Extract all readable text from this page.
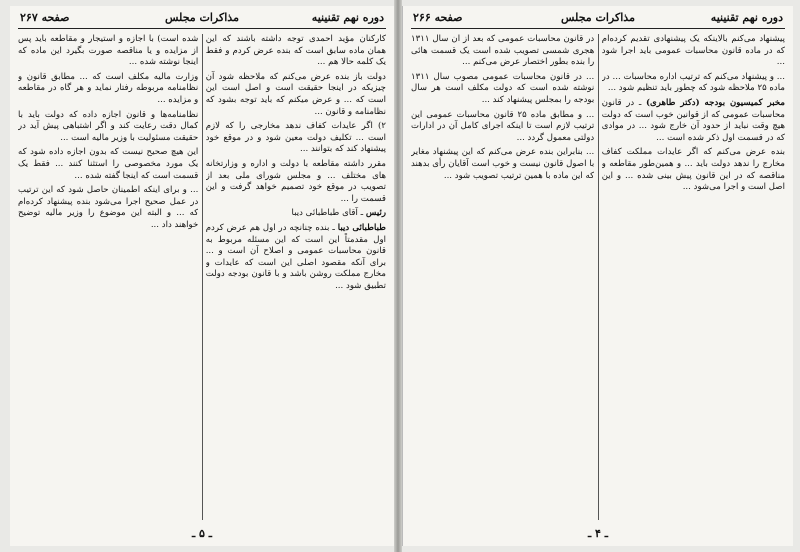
صفحه ۲۶۷	مذاکرات مجلس	دوره نهم تقنینیه

کارکنان مؤید احمدی توجه داشته باشند که این همان ماده سابق است که بنده عرض کردم و فقط یک کلمه حالا هم ...

دولت باز بنده عرض می‌کنم که ملاحظه شود آن چیزیکه در اینجا حقیقت است و اصل است این است که ... و عرض میکنم که باید توجه بشود که نظامنامه و قانون ...

۲) اگر عایدات کفاف ندهد مخارجی را که لازم است ... تکلیف دولت معین شود و در موقع خود پیشنهاد کند که بتوانند ...

مقرر داشته مقاطعه با دولت و اداره و وزارتخانه های مختلف ... و مجلس شورای ملی بعد از تصویب در موقع خود تصمیم خواهد گرفت و این قسمت را ...

رئیس ـ آقای طباطبائی دیبا

طباطبائی دیبا ـ بنده چنانچه در اول هم عرض کردم اول مقدمتاً این است که این مسئله مربوط به قانون محاسبات عمومی و اصلاح آن است و ... برای آنکه مقصود اصلی این است که عایدات و مخارج مملکت روشن باشد و با قانون بودجه دولت تطبیق شود ...

شده است) با اجازه و استیجار و مقاطعه باید پس از مزایده و یا مناقصه صورت بگیرد این ماده که اینجا نوشته شده ...

وزارت مالیه مکلف است که ... مطابق قانون و نظامنامه مربوطه رفتار نماید و هر گاه در مقاطعه و مزایده ...

نظامنامه‌ها و قانون اجازه داده که دولت باید با کمال دقت رعایت کند و اگر اشتباهی پیش آید در حقیقت مسئولیت با وزیر مالیه است ...

این هیچ صحیح نیست که بدون اجازه داده شود که یک مورد مخصوصی را استثنا کنند ... فقط یک قسمت است که اینجا گفته شده ...

... و برای اینکه اطمینان حاصل شود که این ترتیب در عمل صحیح اجرا می‌شود بنده پیشنهاد کرده‌ام که ... و البته این موضوع را وزیر مالیه توضیح خواهند داد ...

ـ ۵ ـ
دوره نهم تقنینیه
مذاکرات مجلس
صفحه ۲۶۶

پیشنهاد می‌کنم بالاینکه یک پیشنهادی تقدیم کرده‌ام که در ماده قانون محاسبات عمومی باید اجرا شود ...

... و پیشنهاد می‌کنم که ترتیب اداره محاسبات ... در ماده ۲۵ ملاحظه شود که چطور باید تنظیم شود ...

مخبر کمیسیون بودجه (دکتر طاهری) ـ در قانون محاسبات عمومی که از قوانین خوب است که دولت هیچ وقت نباید از حدود آن خارج شود ... در موادی که در قسمت اول ذکر شده است ...

بنده عرض می‌کنم که اگر عایدات مملکت کفاف مخارج را ندهد دولت باید ... و همین‌طور مقاطعه و مناقصه که در این قانون پیش بینی شده ... و این اصل است و اجرا می‌شود ...

در قانون محاسبات عمومی که بعد از آن سال ۱۳۱۱ هجری شمسی تصویب شده است یک قسمت هائی را بنده بطور اختصار عرض می‌کنم ...

... در قانون محاسبات عمومی مصوب سال ۱۳۱۱ نوشته شده است که دولت مکلف است هر سال بودجه را بمجلس پیشنهاد کند ...

... و مطابق ماده ۲۵ قانون محاسبات عمومی این ترتیب لازم است تا اینکه اجرای کامل آن در ادارات دولتی معمول گردد ...

... بنابراین بنده عرض می‌کنم که این پیشنهاد مغایر با اصول قانون نیست و خوب است آقایان رأی بدهند که این ماده با همین ترتیب تصویب شود ...

ـ ۴ ـ
